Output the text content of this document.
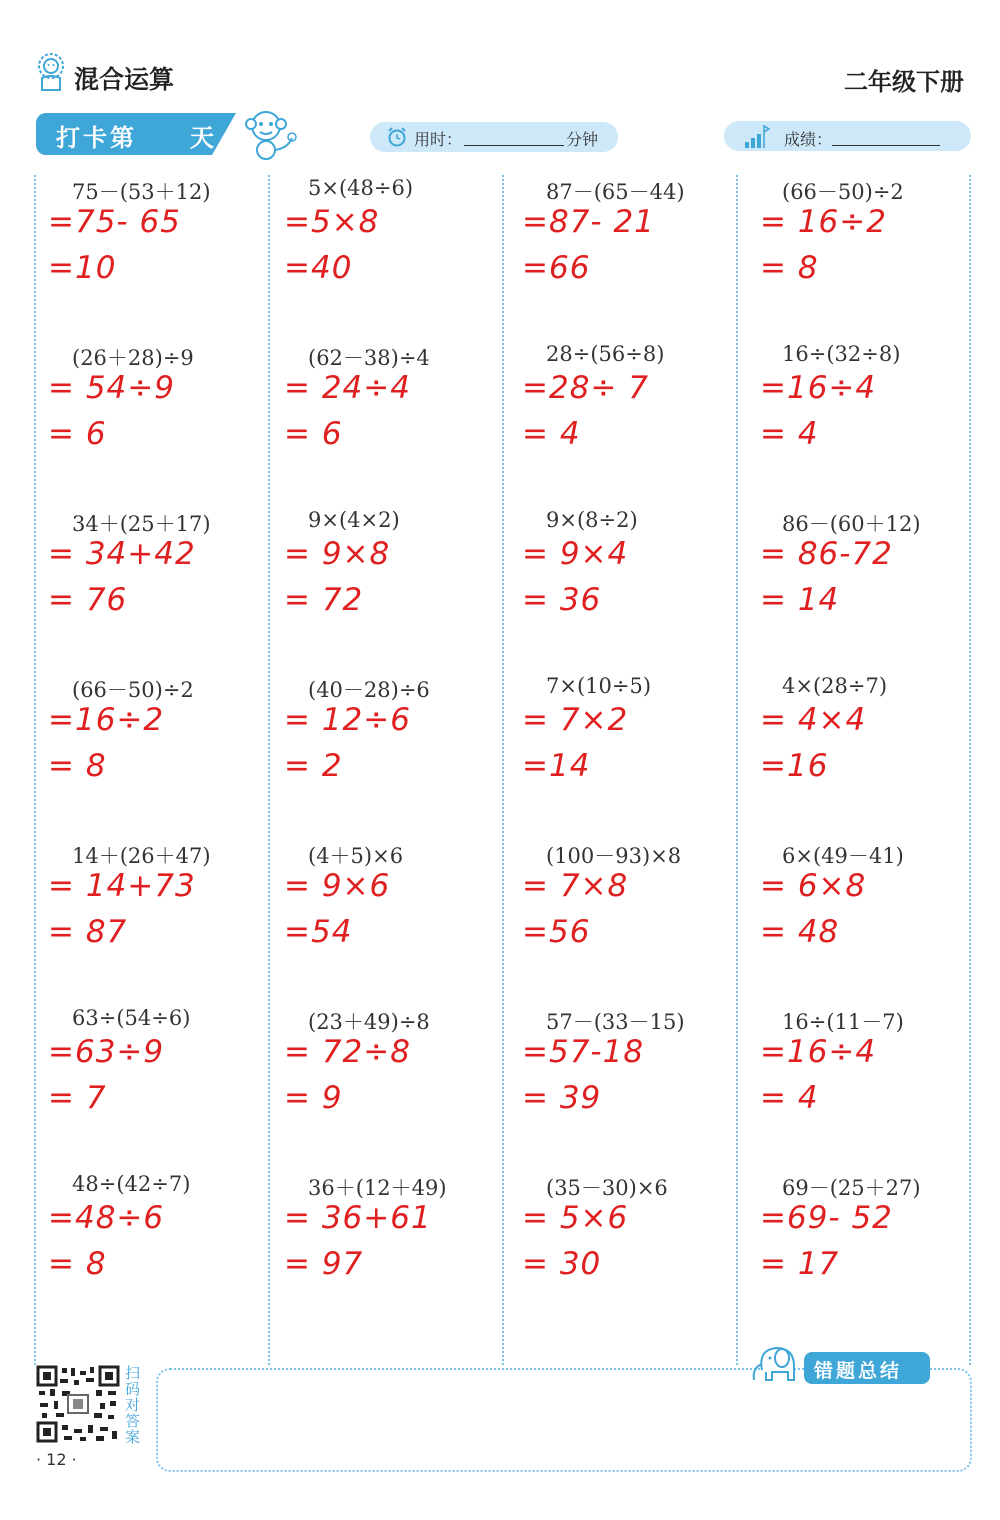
混合运算	二年级下册
打卡第 天	用时：	分钟	成绩：
75－(53＋12)
=75- 65
=10
5×(48÷6)
=5×8
=40
87－(65－44)
=87- 21
=66
(66－50)÷2
= 16÷2
= 8
(26＋28)÷9
= 54÷9
= 6
(62－38)÷4
= 24÷4
= 6
28÷(56÷8)
=28÷ 7
= 4
16÷(32÷8)
=16÷4
= 4
34＋(25＋17)
= 34+42
= 76
9×(4×2)
= 9×8
= 72
9×(8÷2)
= 9×4
= 36
86－(60＋12)
= 86-72
= 14
(66－50)÷2
=16÷2
= 8
(40－28)÷6
= 12÷6
= 2
7×(10÷5)
= 7×2
=14
4×(28÷7)
= 4×4
=16
14＋(26＋47)
= 14+73
= 87
(4＋5)×6
= 9×6
=54
(100－93)×8
= 7×8
=56
6×(49－41)
= 6×8
= 48
63÷(54÷6)
=63÷9
= 7
(23＋49)÷8
= 72÷8
= 9
57－(33－15)
=57-18
= 39
16÷(11－7)
=16÷4
= 4
48÷(42÷7)
=48÷6
= 8
36＋(12＋49)
= 36+61
= 97
(35－30)×6
= 5×6
= 30
69－(25＋27)
=69- 52
= 17
扫码对答案
· 12 ·
错题总结
